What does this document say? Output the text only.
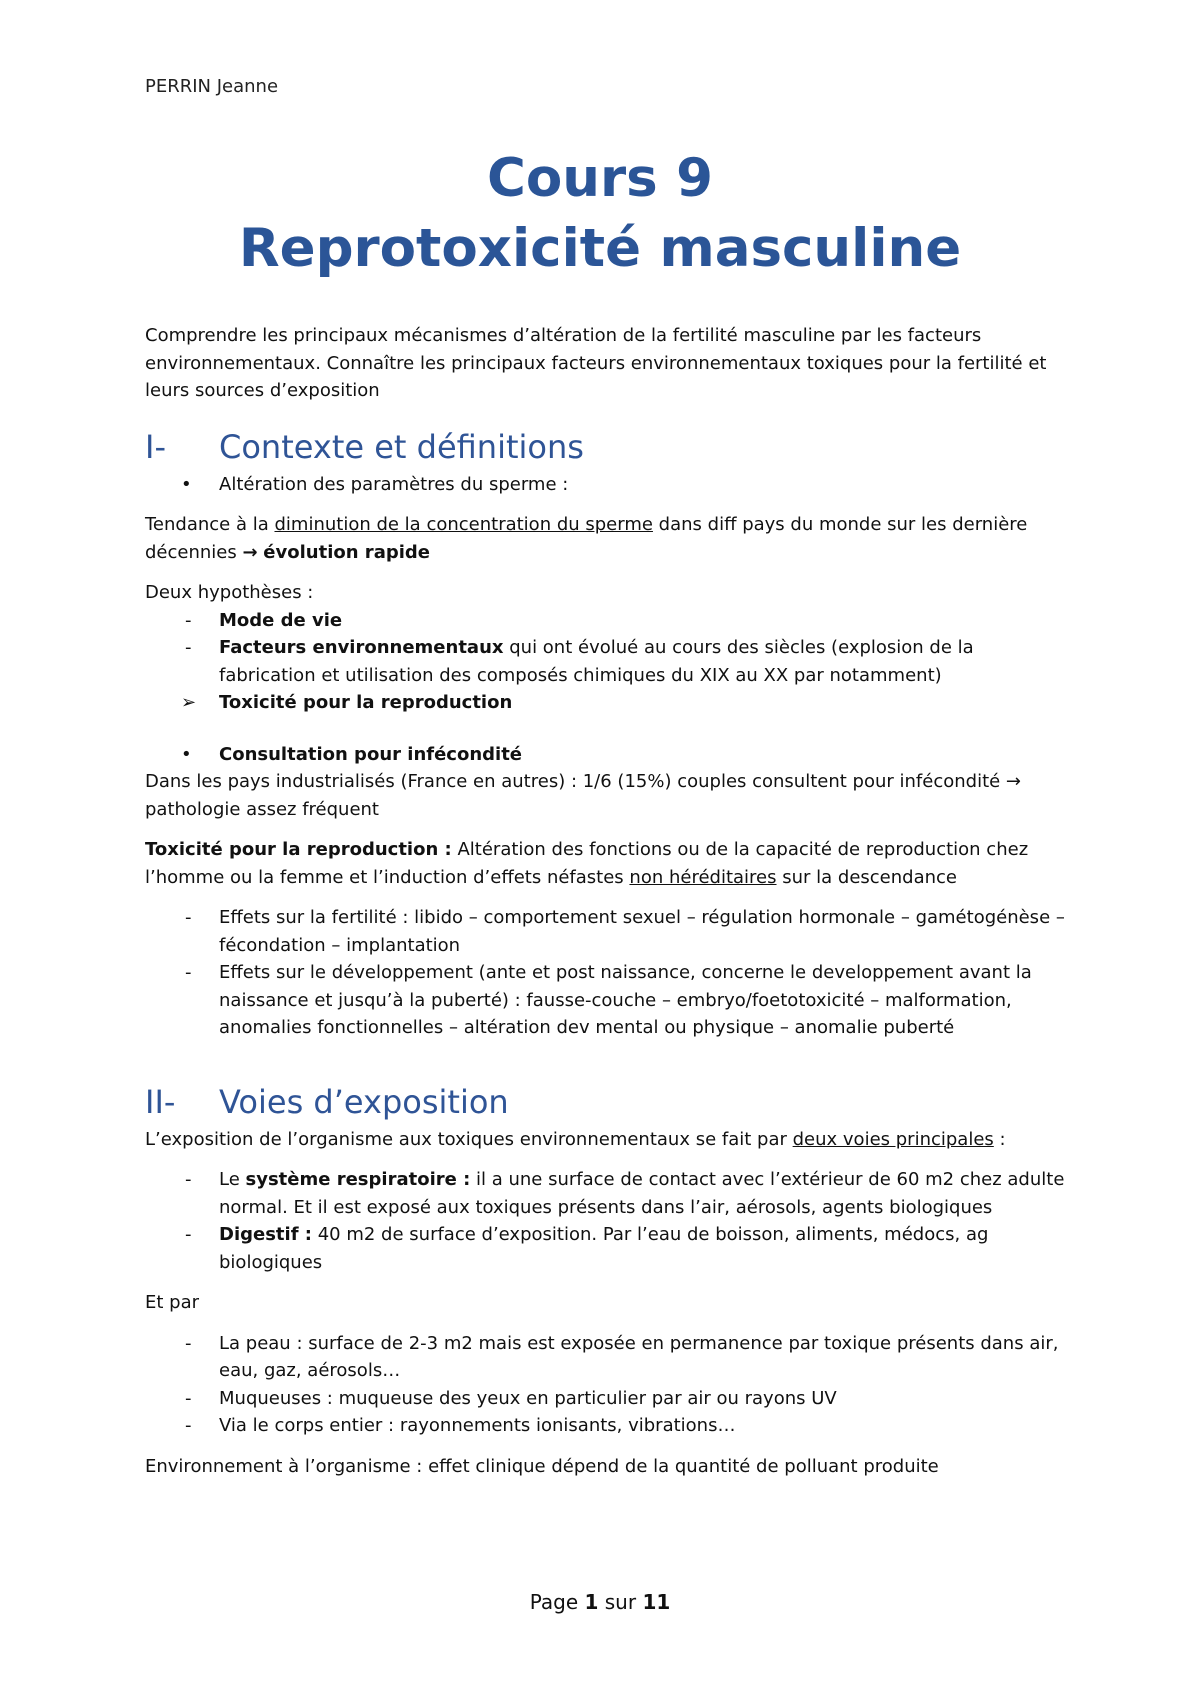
PERRIN Jeanne
Cours 9
Reprotoxicité masculine

Comprendre les principaux mécanismes d’altération de la fertilité masculine par les facteurs environnementaux. Connaître les principaux facteurs environnementaux toxiques pour la fertilité et leurs sources d’exposition

I-	Contexte et définitions
•	Altération des paramètres du sperme :

Tendance à la diminution de la concentration du sperme dans diff pays du monde sur les dernière décennies → évolution rapide

Deux hypothèses :

-	Mode de vie
-	Facteurs environnementaux qui ont évolué au cours des siècles (explosion de la fabrication et utilisation des composés chimiques du XIX au XX par notamment)
➢	Toxicité pour la reproduction
•	Consultation pour infécondité

Dans les pays industrialisés (France en autres) : 1/6 (15%) couples consultent pour infécondité → pathologie assez fréquent

Toxicité pour la reproduction : Altération des fonctions ou de la capacité de reproduction chez l’homme ou la femme et l’induction d’effets néfastes non héréditaires sur la descendance

-	Effets sur la fertilité : libido – comportement sexuel – régulation hormonale – gamétogénèse – fécondation – implantation
-	Effets sur le développement (ante et post naissance, concerne le developpement avant la naissance et jusqu’à la puberté) : fausse-couche – embryo/foetotoxicité – malformation, anomalies fonctionnelles – altération dev mental ou physique – anomalie puberté
II-	Voies d’exposition

L’exposition de l’organisme aux toxiques environnementaux se fait par deux voies principales :

-	Le système respiratoire : il a une surface de contact avec l’extérieur de 60 m2 chez adulte normal. Et il est exposé aux toxiques présents dans l’air, aérosols, agents biologiques
-	Digestif : 40 m2 de surface d’exposition. Par l’eau de boisson, aliments, médocs, ag biologiques

Et par

-	La peau : surface de 2-3 m2 mais est exposée en permanence par toxique présents dans air, eau, gaz, aérosols…
-	Muqueuses : muqueuse des yeux en particulier par air ou rayons UV
-	Via le corps entier : rayonnements ionisants, vibrations…

Environnement à l’organisme : effet clinique dépend de la quantité de polluant produite

Page 1 sur 11
